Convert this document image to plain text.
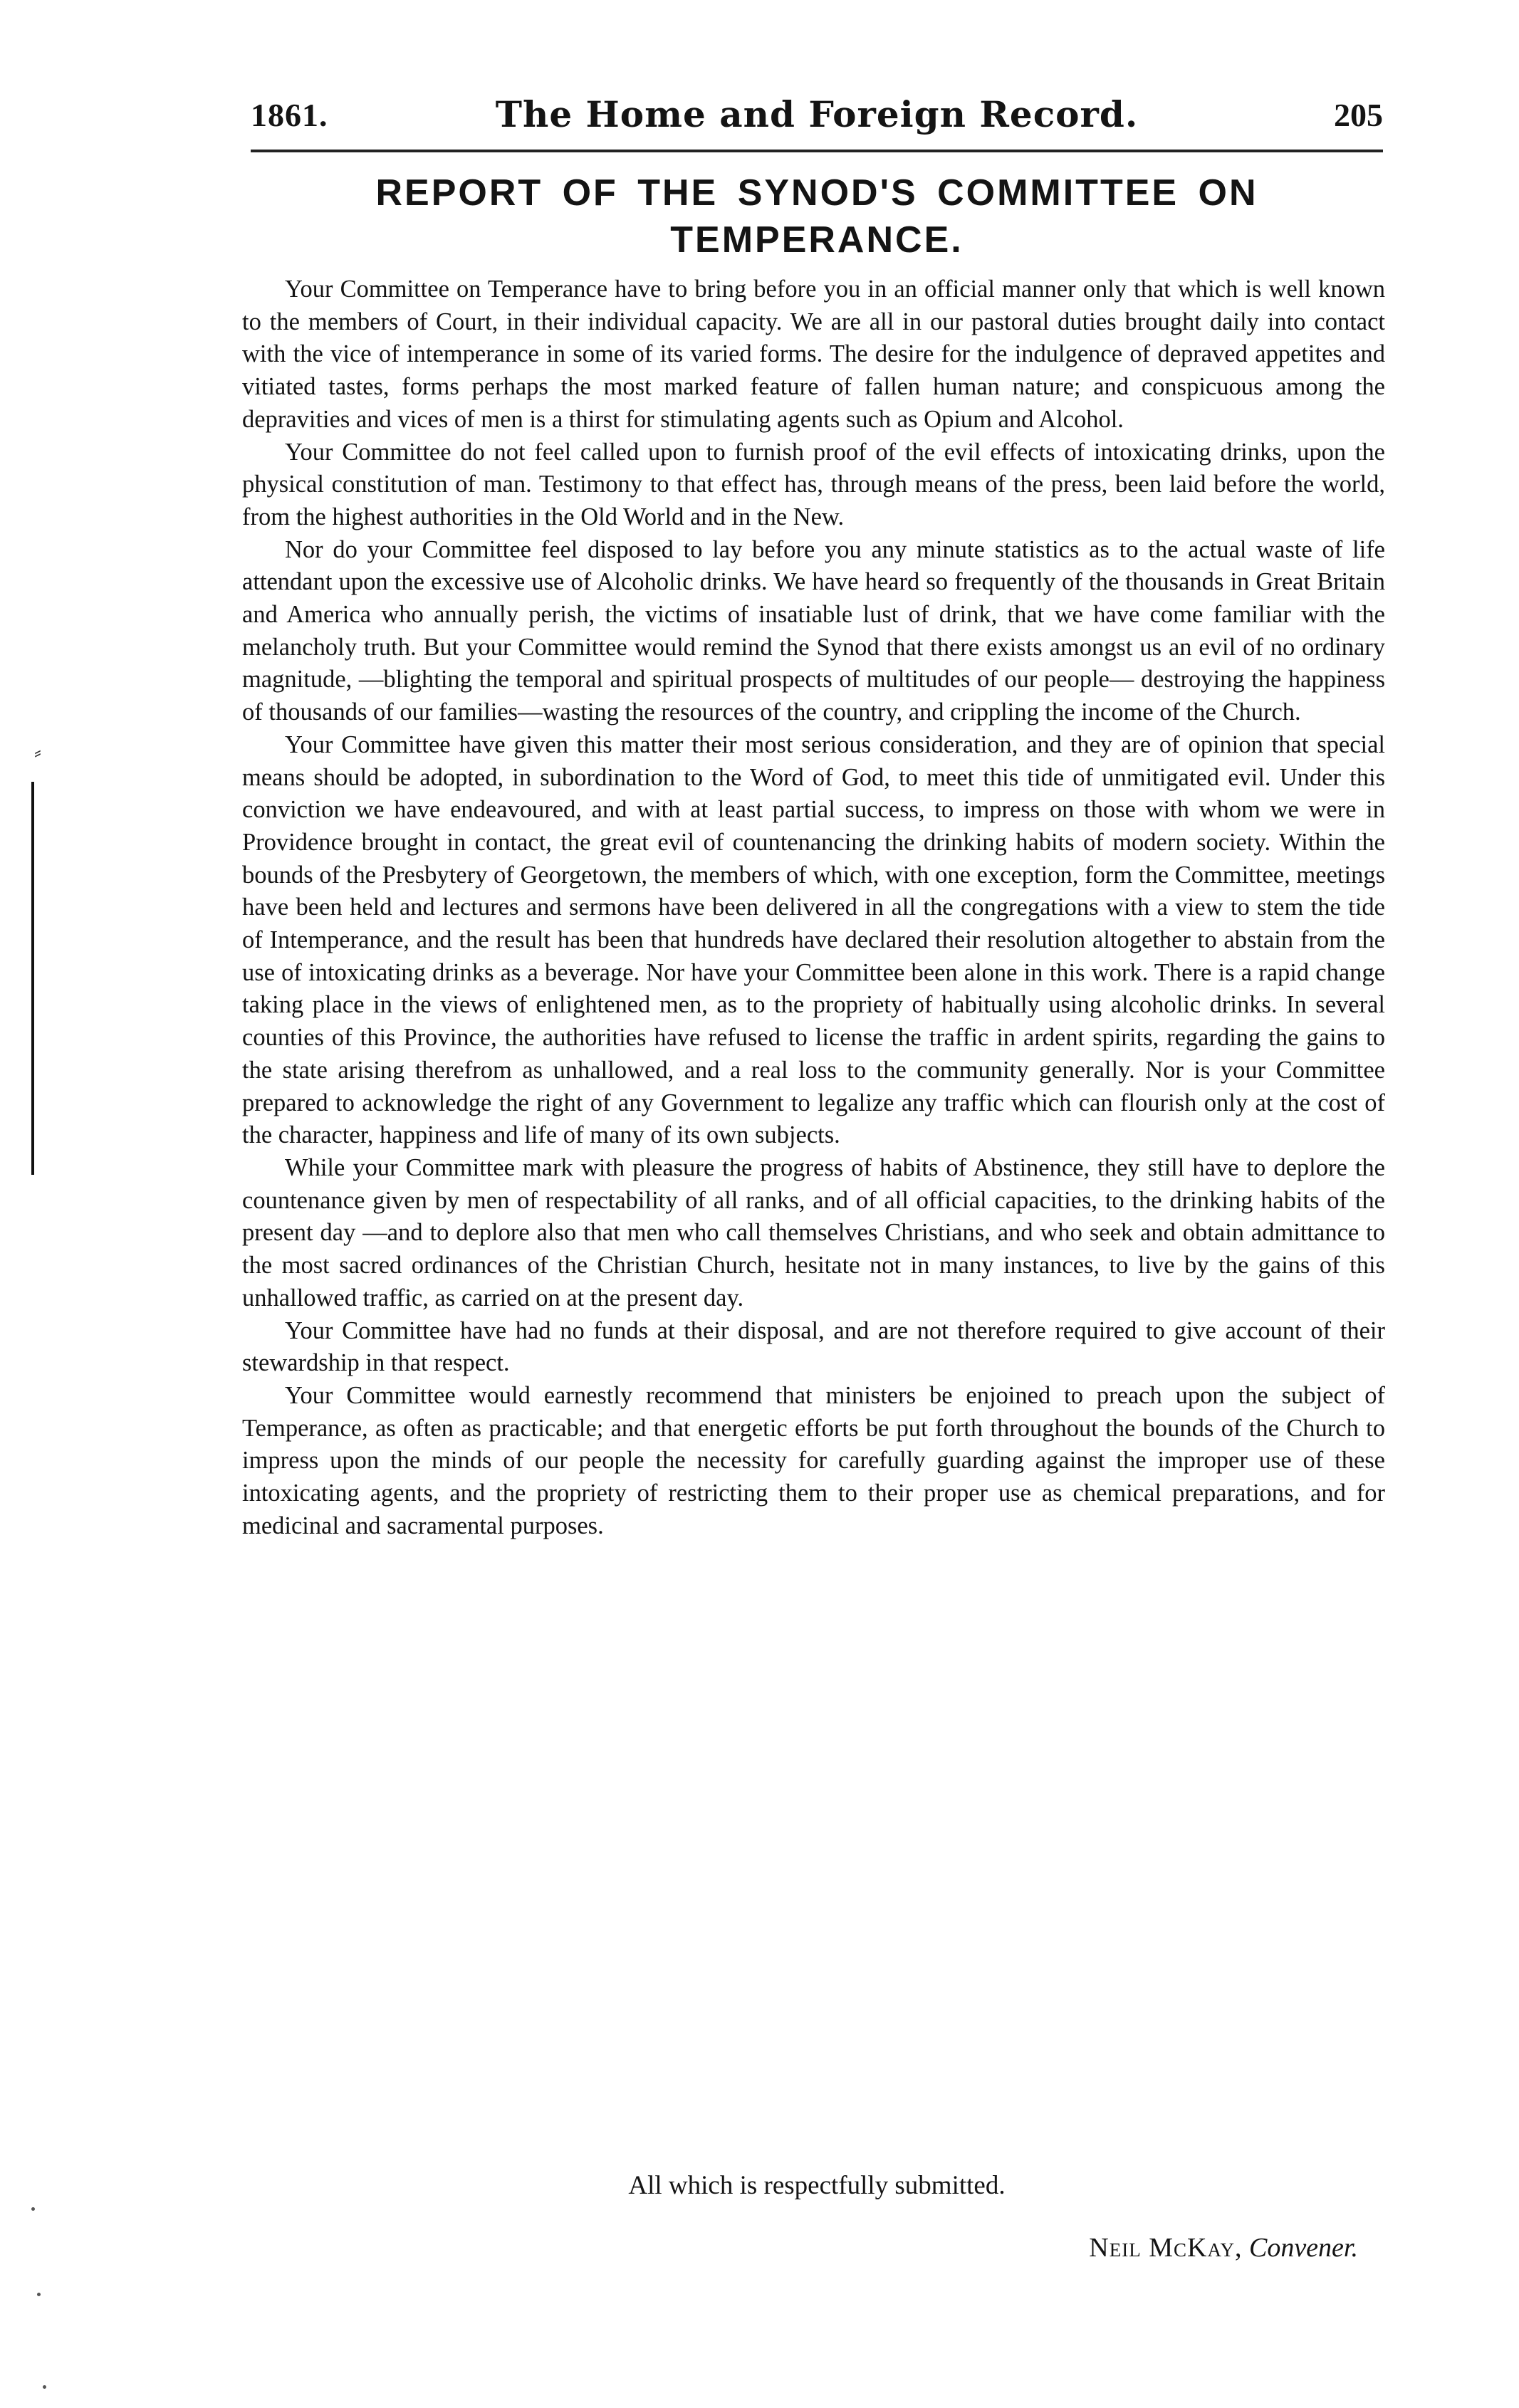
1861.	The Home and Foreign Record.	205
REPORT OF THE SYNOD'S COMMITTEE ON TEMPERANCE.

Your Committee on Temperance have to bring before you in an official manner only that which is well known to the members of Court, in their individual capacity. We are all in our pastoral duties brought daily into contact with the vice of intemperance in some of its varied forms. The desire for the indulgence of depraved appetites and vitiated tastes, forms perhaps the most marked feature of fallen human nature; and conspicuous among the depravities and vices of men is a thirst for stimulating agents such as Opium and Alcohol.

Your Committee do not feel called upon to furnish proof of the evil effects of intoxicating drinks, upon the physical constitution of man. Testimony to that effect has, through means of the press, been laid before the world, from the highest authorities in the Old World and in the New.

Nor do your Committee feel disposed to lay before you any minute statistics as to the actual waste of life attendant upon the excessive use of Alcoholic drinks. We have heard so frequently of the thousands in Great Britain and America who annually perish, the victims of insatiable lust of drink, that we have come familiar with the melancholy truth. But your Committee would remind the Synod that there exists amongst us an evil of no ordinary magnitude, —blighting the temporal and spiritual prospects of multitudes of our people— destroying the happiness of thousands of our families—wasting the resources of the country, and crippling the income of the Church.

Your Committee have given this matter their most serious consideration, and they are of opinion that special means should be adopted, in subordination to the Word of God, to meet this tide of unmitigated evil. Under this conviction we have endeavoured, and with at least partial success, to impress on those with whom we were in Providence brought in contact, the great evil of countenancing the drinking habits of modern society. Within the bounds of the Presbytery of Georgetown, the members of which, with one exception, form the Committee, meetings have been held and lectures and sermons have been delivered in all the congregations with a view to stem the tide of Intemperance, and the result has been that hundreds have declared their resolution altogether to abstain from the use of intoxicating drinks as a beverage. Nor have your Committee been alone in this work. There is a rapid change taking place in the views of enlightened men, as to the propriety of habitually using alcoholic drinks. In several counties of this Province, the authorities have refused to license the traffic in ardent spirits, regarding the gains to the state arising therefrom as unhallowed, and a real loss to the community generally. Nor is your Committee prepared to acknowledge the right of any Government to legalize any traffic which can flourish only at the cost of the character, happiness and life of many of its own subjects.

While your Committee mark with pleasure the progress of habits of Abstinence, they still have to deplore the countenance given by men of respectability of all ranks, and of all official capacities, to the drinking habits of the present day —and to deplore also that men who call themselves Christians, and who seek and obtain admittance to the most sacred ordinances of the Christian Church, hesitate not in many instances, to live by the gains of this unhallowed traffic, as carried on at the present day.

Your Committee have had no funds at their disposal, and are not therefore required to give account of their stewardship in that respect.

Your Committee would earnestly recommend that ministers be enjoined to preach upon the subject of Temperance, as often as practicable; and that energetic efforts be put forth throughout the bounds of the Church to impress upon the minds of our people the necessity for carefully guarding against the improper use of these intoxicating agents, and the propriety of restricting them to their proper use as chemical preparations, and for medicinal and sacramental purposes.

All which is respectfully submitted.
Neil McKay, Convener.
⸗
